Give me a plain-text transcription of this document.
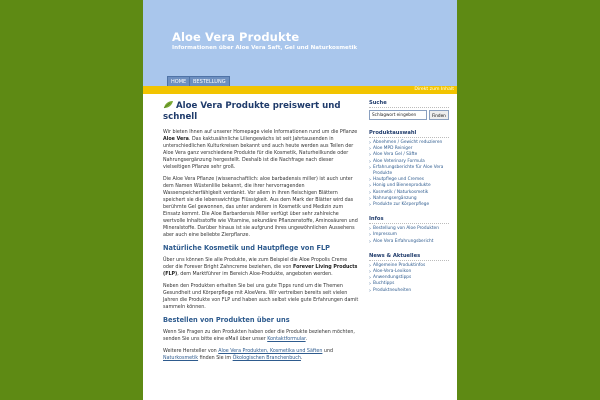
Aloe Vera Produkte
Informationen über Aloe Vera Saft, Gel und Naturkosmetik
HOME	BESTELLUNG
Direkt zum Inhalt
Aloe Vera Produkte preiswert und schnell

Wir bieten Ihnen auf unserer Homepage viele Informationen rund um die Pflanze Aloe Vera. Das kaktusähnliche Liliengewächs ist seit Jahrtausenden in unterschiedlichen Kulturkreisen bekannt und auch heute werden aus Teilen der Aloe Vera ganz verschiedene Produkte für die Kosmetik, Naturheilkunde oder Nahrungsergänzung hergestellt. Deshalb ist die Nachfrage nach dieser vielseitigen Pflanze sehr groß.

Die Aloe Vera Pflanze (wissenschaftlich: aloe barbadensis miller) ist auch unter dem Namen Wüstenlilie bekannt, die ihrer hervorragenden Wasserspeicherfähigkeit verdankt. Vor allem in ihren fleischigen Blättern speichert sie die lebenswichtige Flüssigkeit. Aus dem Mark der Blätter wird das berühmte Gel gewonnen, das unter anderem in Kosmetik und Medizin zum Einsatz kommt. Die Aloe Barbardensis Miller verfügt über sehr zahlreiche wertvolle Inhaltsstoffe wie Vitamine, sekundäre Pflanzenstoffe, Aminosäuren und Mineralstoffe. Darüber hinaus ist sie aufgrund ihres ungewöhnlichen Aussehens aber auch eine beliebte Zierpflanze.

Natürliche Kosmetik und Hautpflege von FLP

Über uns können Sie alle Produkte, wie zum Beispiel die Aloe Propolis Creme oder die Forever Bright Zahncreme beziehen, die von Forever Living Products (FLP), dem Marktführer im Bereich Aloe-Produkte, angeboten werden.

Neben den Produkten erhalten Sie bei uns gute Tipps rund um die Themen Gesundheit und Körperpflege mit AloeVera. Wir vertreiben bereits seit vielen Jahren die Produkte von FLP und haben auch selbst viele gute Erfahrungen damit sammeln können.

Bestellen von Produkten über uns

Wenn Sie Fragen zu den Produkten haben oder die Produkte beziehen möchten, senden Sie uns bitte eine eMail über unser Kontaktformular.

Weitere Hersteller von Aloe Vera Produkten, Kosmetika und Säften und Naturkosmetik finden Sie im Ökologischen Branchenbuch.

Suche
Schlagwort eingeben
Finden
Produktauswahl
› Abnehmen / Gewicht reduzieren
› Aloe MPD Reiniger
› Aloe Vera Gel / Säfte
› Aloe Veterinary Formula
› Erfahrungsberichte für Aloe Vera Produkte
› Hautpflege und Cremes
› Honig und Bienenprodukte
› Kosmetik / Naturkosmetik
› Nahrungsergänzung
› Produkte zur Körperpflege
Infos
› Bestellung von Aloe Produkten
› Impressum
› Aloe Vera Erfahrungsbericht
News & Aktuelles
› Allgemeine Produktinfos
› Aloe-Vera-Lexikon
› Anwendungstipps
› Buchtipps
› Produktneuheiten
